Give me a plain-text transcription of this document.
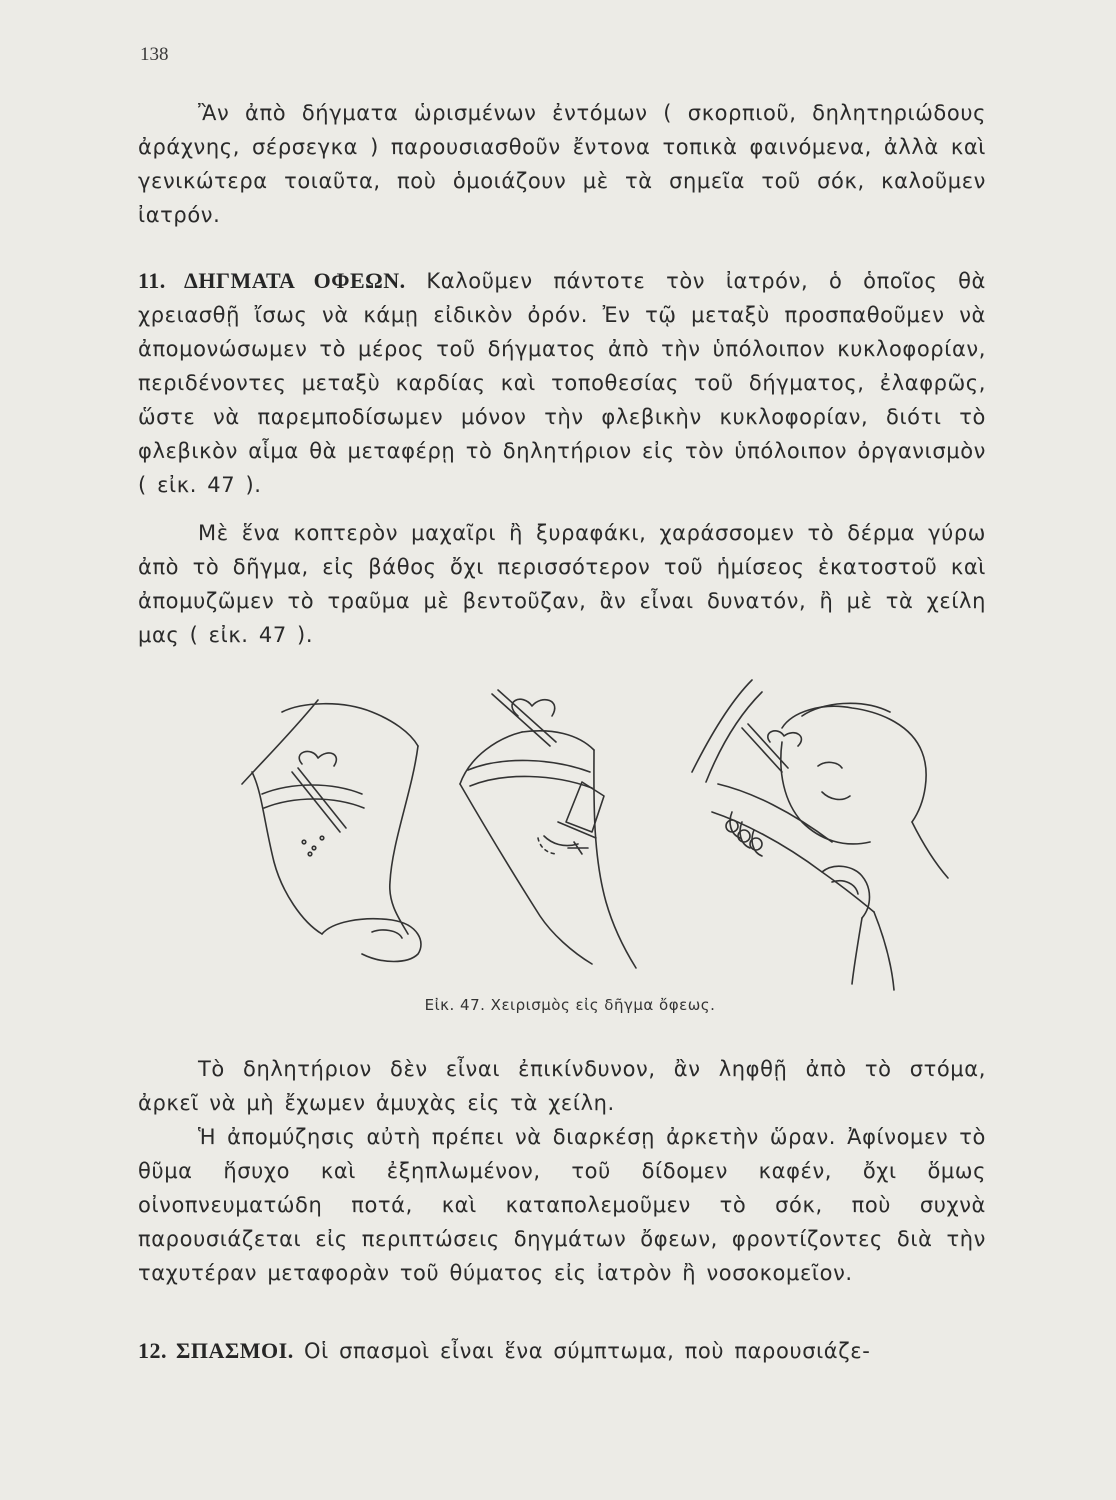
138

Ἂν ἀπὸ δήγματα ὡρισμένων ἐντόμων ( σκορπιοῦ, δηλητηριώδους ἀράχνης, σέρσεγκα ) παρουσιασθοῦν ἔντονα τοπικὰ φαινόμενα, ἀλλὰ καὶ γενικώτερα τοιαῦτα, ποὺ ὁμοιάζουν μὲ τὰ σημεῖα τοῦ σόκ, καλοῦμεν ἰατρόν.

11. ΔΗΓΜΑΤΑ ΟΦΕΩΝ. Καλοῦμεν πάντοτε τὸν ἰατρόν, ὁ ὁποῖος θὰ χρειασθῇ ἴσως νὰ κάμῃ εἰδικὸν ὀρόν. Ἐν τῷ μεταξὺ προσπαθοῦμεν νὰ ἀπομονώσωμεν τὸ μέρος τοῦ δήγματος ἀπὸ τὴν ὑπόλοιπον κυκλοφορίαν, περιδένοντες μεταξὺ καρδίας καὶ τοποθεσίας τοῦ δήγματος, ἐλαφρῶς, ὥστε νὰ παρεμποδίσωμεν μόνον τὴν φλεβικὴν κυκλοφορίαν, διότι τὸ φλεβικὸν αἷμα θὰ μεταφέρῃ τὸ δηλητήριον εἰς τὸν ὑπόλοιπον ὀργανισμὸν ( εἰκ. 47 ).

Μὲ ἕνα κοπτερὸν μαχαῖρι ἢ ξυραφάκι, χαράσσομεν τὸ δέρμα γύρω ἀπὸ τὸ δῆγμα, εἰς βάθος ὄχι περισσότερον τοῦ ἡμίσεος ἑκατοστοῦ καὶ ἀπομυζῶμεν τὸ τραῦμα μὲ βεντοῦζαν, ἂν εἶναι δυνατόν, ἢ μὲ τὰ χείλη μας ( εἰκ. 47 ).

Εἰκ. 47. Χειρισμὸς εἰς δῆγμα ὄφεως.

Τὸ δηλητήριον δὲν εἶναι ἐπικίνδυνον, ἂν ληφθῇ ἀπὸ τὸ στόμα, ἀρκεῖ νὰ μὴ ἔχωμεν ἀμυχὰς εἰς τὰ χείλη.

Ἡ ἀπομύζησις αὐτὴ πρέπει νὰ διαρκέσῃ ἀρκετὴν ὥραν. Ἀφίνομεν τὸ θῦμα ἥσυχο καὶ ἐξηπλωμένον, τοῦ δίδομεν καφέν, ὄχι ὅμως οἰνοπνευματώδη ποτά, καὶ καταπολεμοῦμεν τὸ σόκ, ποὺ συχνὰ παρουσιάζεται εἰς περιπτώσεις δηγμάτων ὄφεων, φροντίζοντες διὰ τὴν ταχυτέραν μεταφορὰν τοῦ θύματος εἰς ἰατρὸν ἢ νοσοκομεῖον.

12. ΣΠΑΣΜΟΙ. Οἱ σπασμοὶ εἶναι ἕνα σύμπτωμα, ποὺ παρουσιάζε-
